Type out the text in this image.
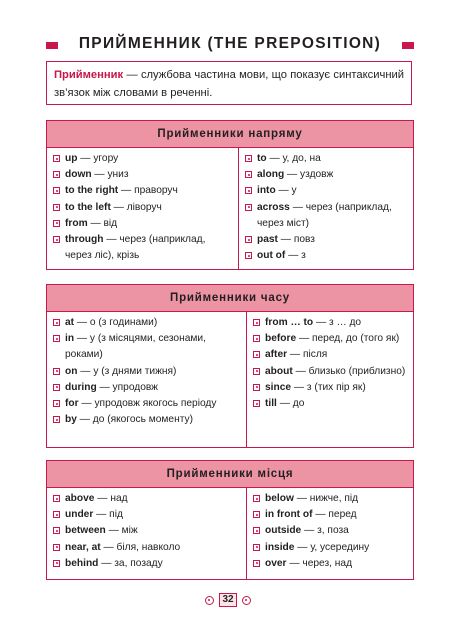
ПРИЙМЕННИК (THE PREPOSITION)
Прийменник — службова частина мови, що показує синтаксичний зв’язок між словами в реченні.
Прийменники напряму
up — угору
down — униз
to the right — праворуч
to the left — ліворуч
from — від
through — через (наприклад, через ліс), крізь
to — у, до, на
along — уздовж
into — у
across — через (наприклад, через міст)
past — повз
out of — з
Прийменники часу
at — о (з годинами)
in — у (з місяцями, сезонами, роками)
on — у (з днями тижня)
during — упродовж
for — упродовж якогось періоду
by — до (якогось моменту)
from … to — з … до
before — перед, до (того як)
after — після
about — близько (приблизно)
since — з (тих пір як)
till — до
Прийменники місця
above — над
under — під
between — між
near, at — біля, навколо
behind — за, позаду
below — нижче, під
in front of — перед
outside — з, поза
inside — у, усередину
over — через, над
32
